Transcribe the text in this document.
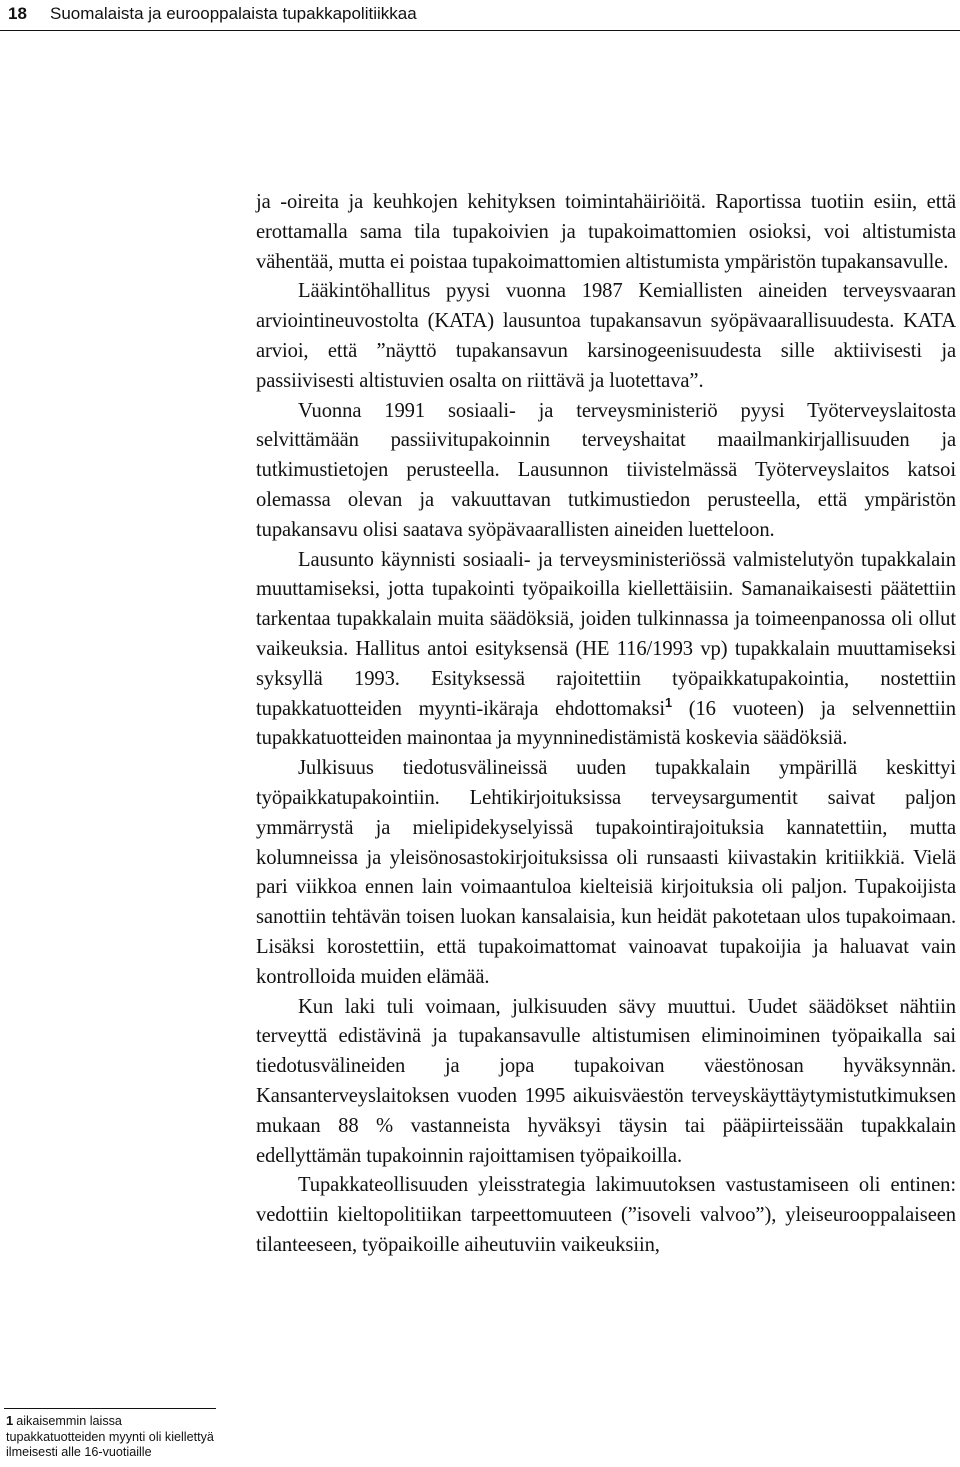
18 Suomalaista ja eurooppalaista tupakkapolitiikkaa

ja -oireita ja keuhkojen kehityksen toimintahäiriöitä. Raportissa tuotiin esiin, että erottamalla sama tila tupakoivien ja tupakoimattomien osioksi, voi altistumista vähentää, mutta ei poistaa tupakoimattomien altistumista ympäristön tupakansavulle.

Lääkintöhallitus pyysi vuonna 1987 Kemiallisten aineiden terveysvaaran arviointineuvostolta (KATA) lausuntoa tupakansavun syöpävaarallisuudesta. KATA arvioi, että ”näyttö tupakansavun karsinogeenisuudesta sille aktiivisesti ja passiivisesti altistuvien osalta on riittävä ja luotettava”.

Vuonna 1991 sosiaali- ja terveysministeriö pyysi Työterveyslaitosta selvittämään passiivitupakoinnin terveyshaitat maailmankirjallisuuden ja tutkimustietojen perusteella. Lausunnon tiivistelmässä Työterveyslaitos katsoi olemassa olevan ja vakuuttavan tutkimustiedon perusteella, että ympäristön tupakansavu olisi saatava syöpävaarallisten aineiden luetteloon.

Lausunto käynnisti sosiaali- ja terveysministeriössä valmistelutyön tupakkalain muuttamiseksi, jotta tupakointi työpaikoilla kiellettäisiin. Samanaikaisesti päätettiin tarkentaa tupakkalain muita säädöksiä, joiden tulkinnassa ja toimeenpanossa oli ollut vaikeuksia. Hallitus antoi esityksensä (HE 116/1993 vp) tupakkalain muuttamiseksi syksyllä 1993. Esityksessä rajoitettiin työpaikkatupakointia, nostettiin tupakkatuotteiden myynti-ikäraja ehdottomaksi$^1$ (16 vuoteen) ja selvennettiin tupakkatuotteiden mainontaa ja myynninedistämistä koskevia säädöksiä.

Julkisuus tiedotusvälineissä uuden tupakkalain ympärillä keskittyi työpaikkatupakointiin. Lehtikirjoituksissa terveysargumentit saivat paljon ymmärrystä ja mielipidekyselyissä tupakointirajoituksia kannatettiin, mutta kolumneissa ja yleisönosastokirjoituksissa oli runsaasti kiivastakin kritiikkiä. Vielä pari viikkoa ennen lain voimaantuloa kielteisiä kirjoituksia oli paljon. Tupakoijista sanottiin tehtävän toisen luokan kansalaisia, kun heidät pakotetaan ulos tupakoimaan. Lisäksi korostettiin, että tupakoimattomat vainoavat tupakoijia ja haluavat vain kontrolloida muiden elämää.

Kun laki tuli voimaan, julkisuuden sävy muuttui. Uudet säädökset nähtiin terveyttä edistävinä ja tupakansavulle altistumisen eliminoiminen työpaikalla sai tiedotusvälineiden ja jopa tupakoivan väestönosan hyväksynnän. Kansanterveyslaitoksen vuoden 1995 aikuisväestön terveyskäyttäytymistutkimuksen mukaan 88 % vastanneista hyväksyi täysin tai pääpiirteissään tupakkalain edellyttämän tupakoinnin rajoittamisen työpaikoilla.

Tupakkateollisuuden yleisstrategia lakimuutoksen vastustamiseen oli entinen: vedottiin kieltopolitiikan tarpeettomuuteen (”isoveli valvoo”), yleiseurooppalaiseen tilanteeseen, työpaikoille aiheutuviin vaikeuksiin,

1 aikaisemmin laissa tupakkatuotteiden myynti oli kiellettyä ilmeisesti alle 16-vuotiaille
